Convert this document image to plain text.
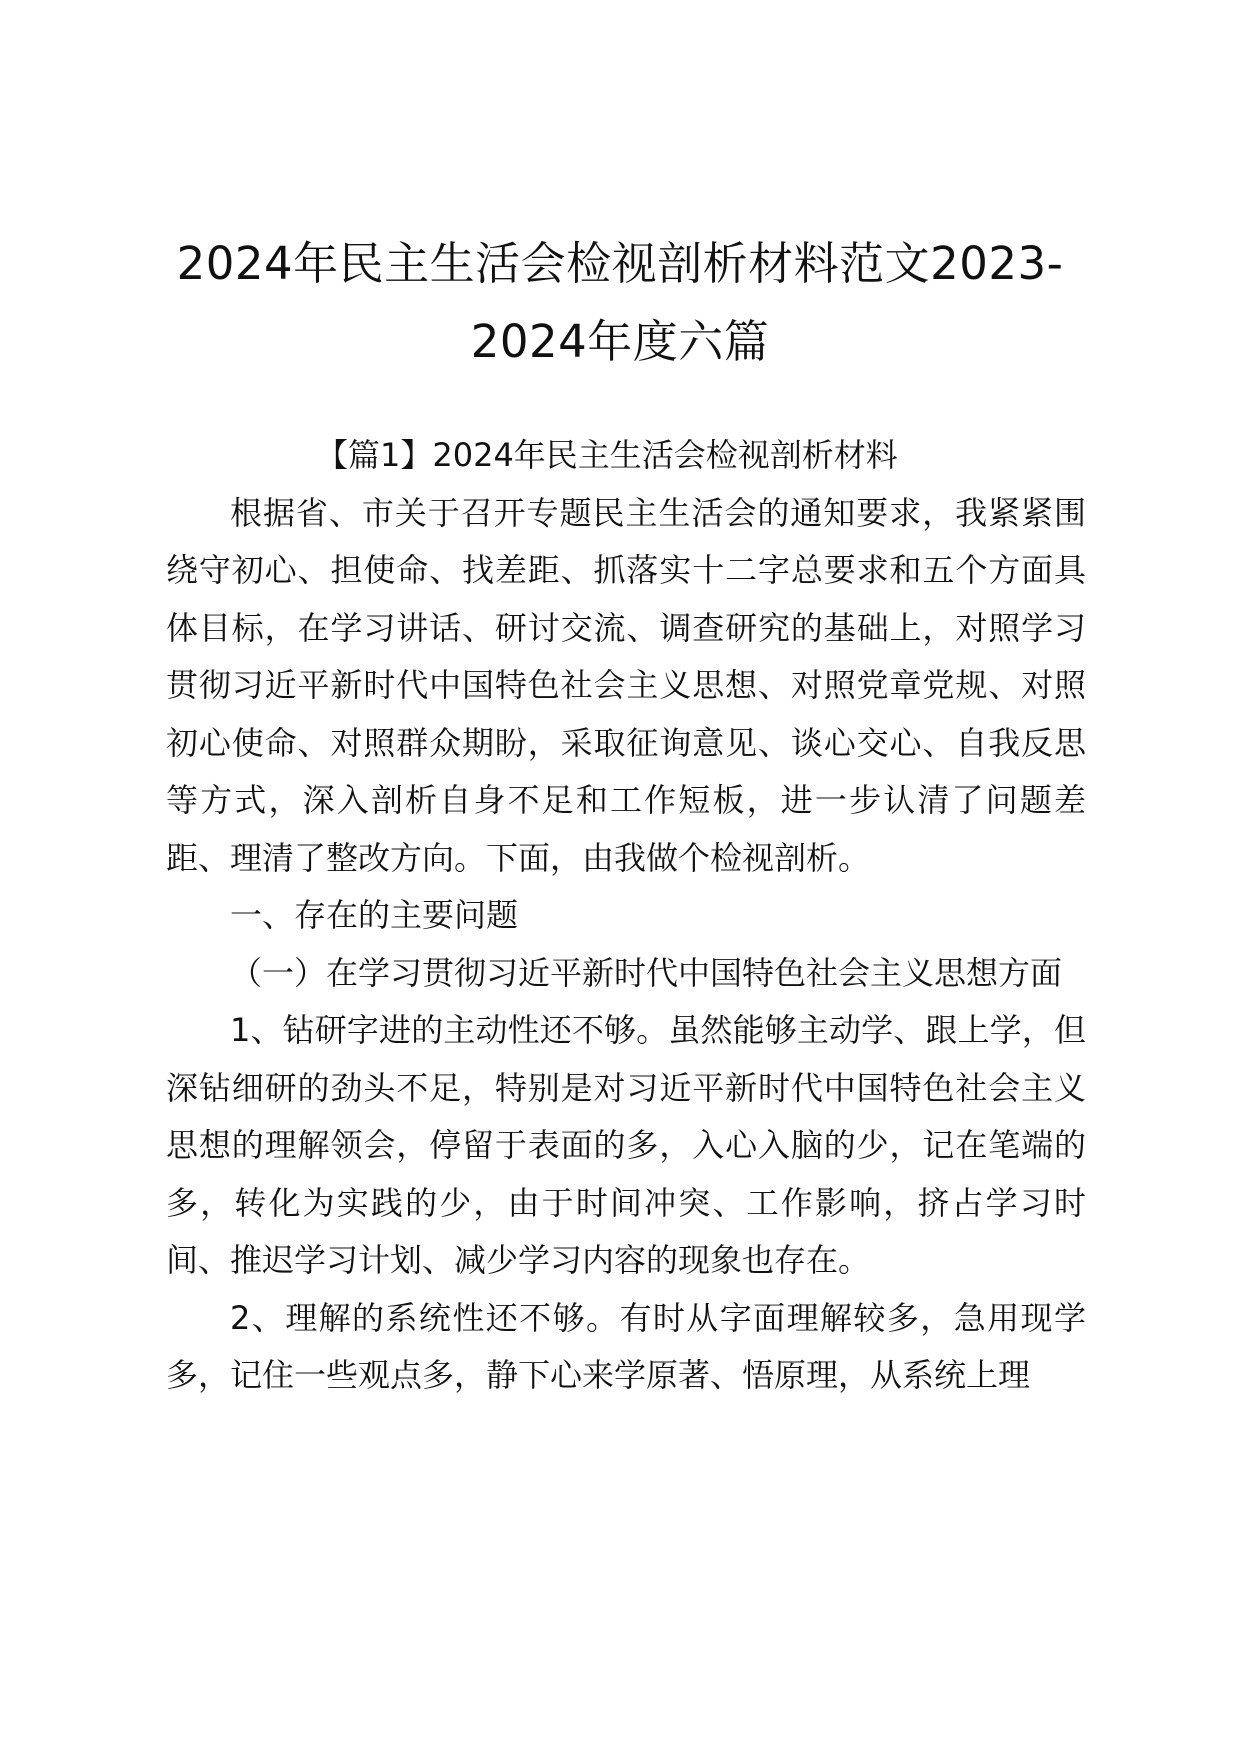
2024年民主生活会检视剖析材料范文2023-2024年度六篇

【篇1】2024年民主生活会检视剖析材料

根据省、市关于召开专题民主生活会的通知要求，我紧紧围绕守初心、担使命、找差距、抓落实十二字总要求和五个方面具体目标，在学习讲话、研讨交流、调查研究的基础上，对照学习贯彻习近平新时代中国特色社会主义思想、对照党章党规、对照初心使命、对照群众期盼，采取征询意见、谈心交心、自我反思等方式，深入剖析自身不足和工作短板，进一步认清了问题差距、理清了整改方向。下面，由我做个检视剖析。

一、存在的主要问题

（一）在学习贯彻习近平新时代中国特色社会主义思想方面

1、钻研字进的主动性还不够。虽然能够主动学、跟上学，但深钻细研的劲头不足，特别是对习近平新时代中国特色社会主义思想的理解领会，停留于表面的多，入心入脑的少，记在笔端的多，转化为实践的少，由于时间冲突、工作影响，挤占学习时间、推迟学习计划、减少学习内容的现象也存在。

2、理解的系统性还不够。有时从字面理解较多，急用现学多，记住一些观点多，静下心来学原著、悟原理，从系统上理
